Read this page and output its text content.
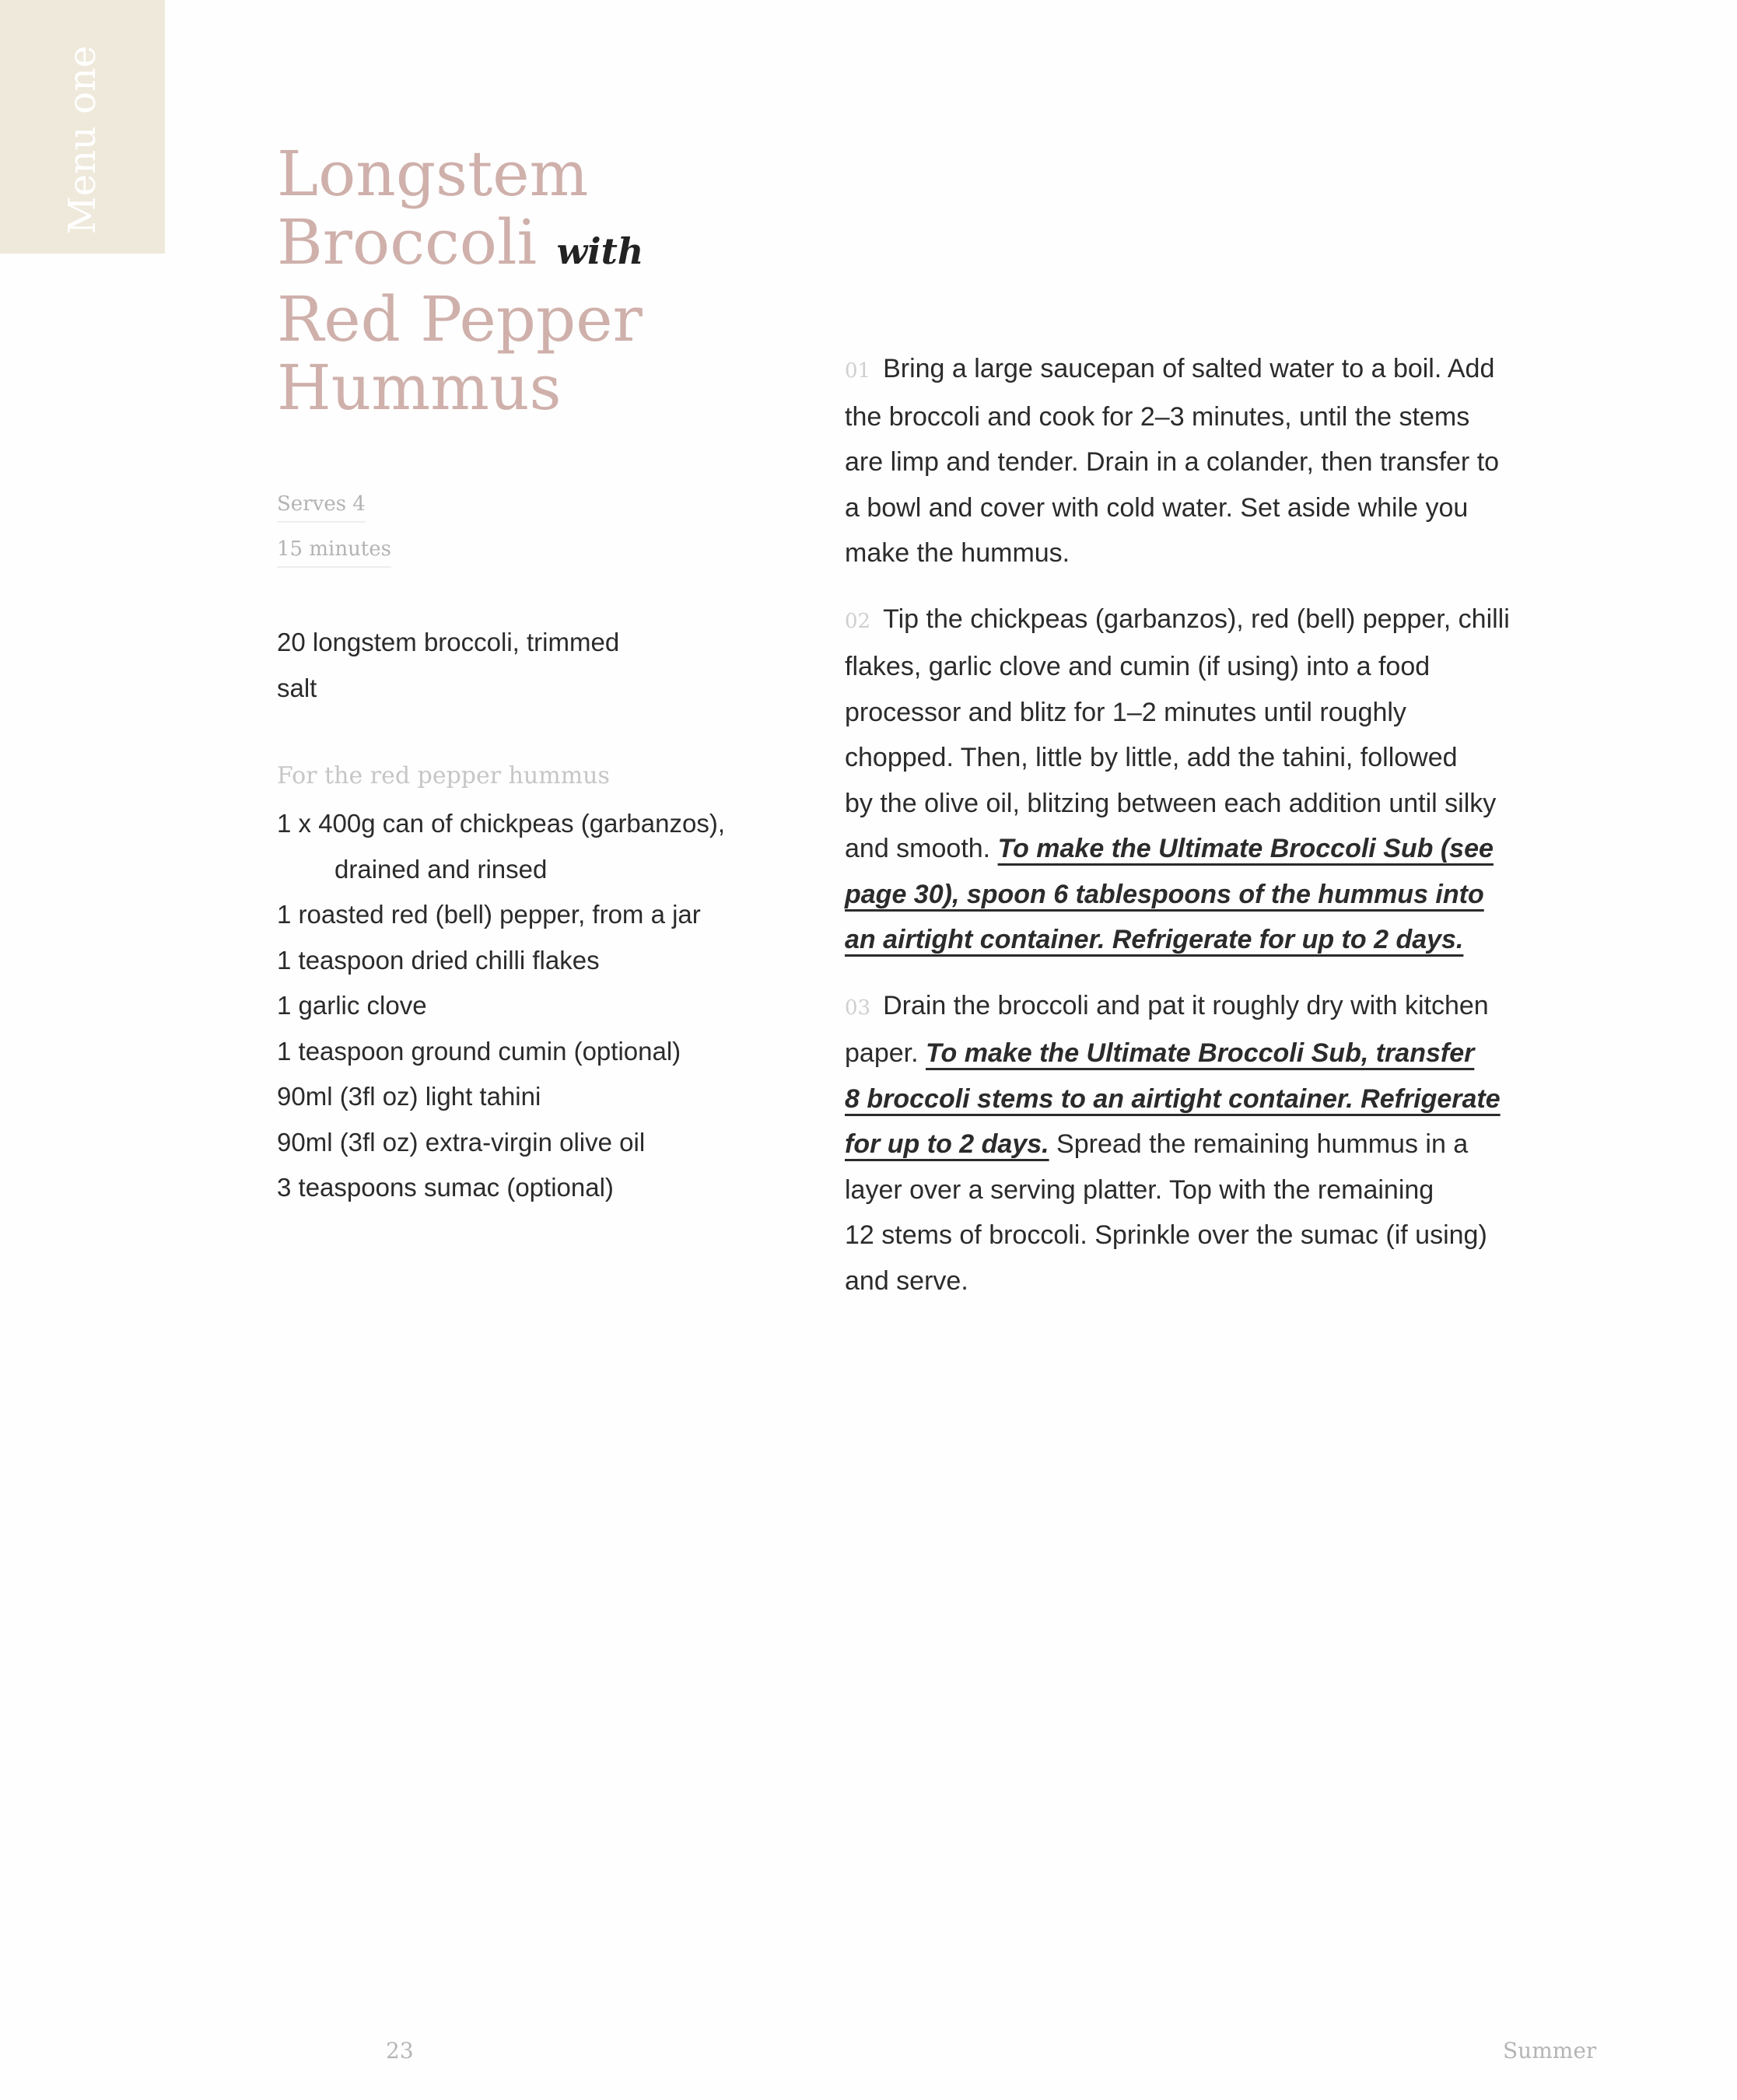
Menu one	Longstem
Broccoli with
Red Pepper
Hummus
Serves 4
15 minutes
20 longstem broccoli, trimmed
salt
For the red pepper hummus
1 x 400g can of chickpeas (garbanzos),
drained and rinsed
1 roasted red (bell) pepper, from a jar
1 teaspoon dried chilli flakes
1 garlic clove
1 teaspoon ground cumin (optional)
90ml (3fl oz) light tahini
90ml (3fl oz) extra-virgin olive oil
3 teaspoons sumac (optional)
01 Bring a large saucepan of salted water to a boil. Add
the broccoli and cook for 2–3 minutes, until the stems
are limp and tender. Drain in a colander, then transfer to
a bowl and cover with cold water. Set aside while you
make the hummus.
02 Tip the chickpeas (garbanzos), red (bell) pepper, chilli
flakes, garlic clove and cumin (if using) into a food
processor and blitz for 1–2 minutes until roughly
chopped. Then, little by little, add the tahini, followed
by the olive oil, blitzing between each addition until silky
and smooth. To make the Ultimate Broccoli Sub (see
page 30), spoon 6 tablespoons of the hummus into
an airtight container. Refrigerate for up to 2 days.
03 Drain the broccoli and pat it roughly dry with kitchen
paper. To make the Ultimate Broccoli Sub, transfer
8 broccoli stems to an airtight container. Refrigerate
for up to 2 days. Spread the remaining hummus in a
layer over a serving platter. Top with the remaining
12 stems of broccoli. Sprinkle over the sumac (if using)
and serve.
23	Summer
